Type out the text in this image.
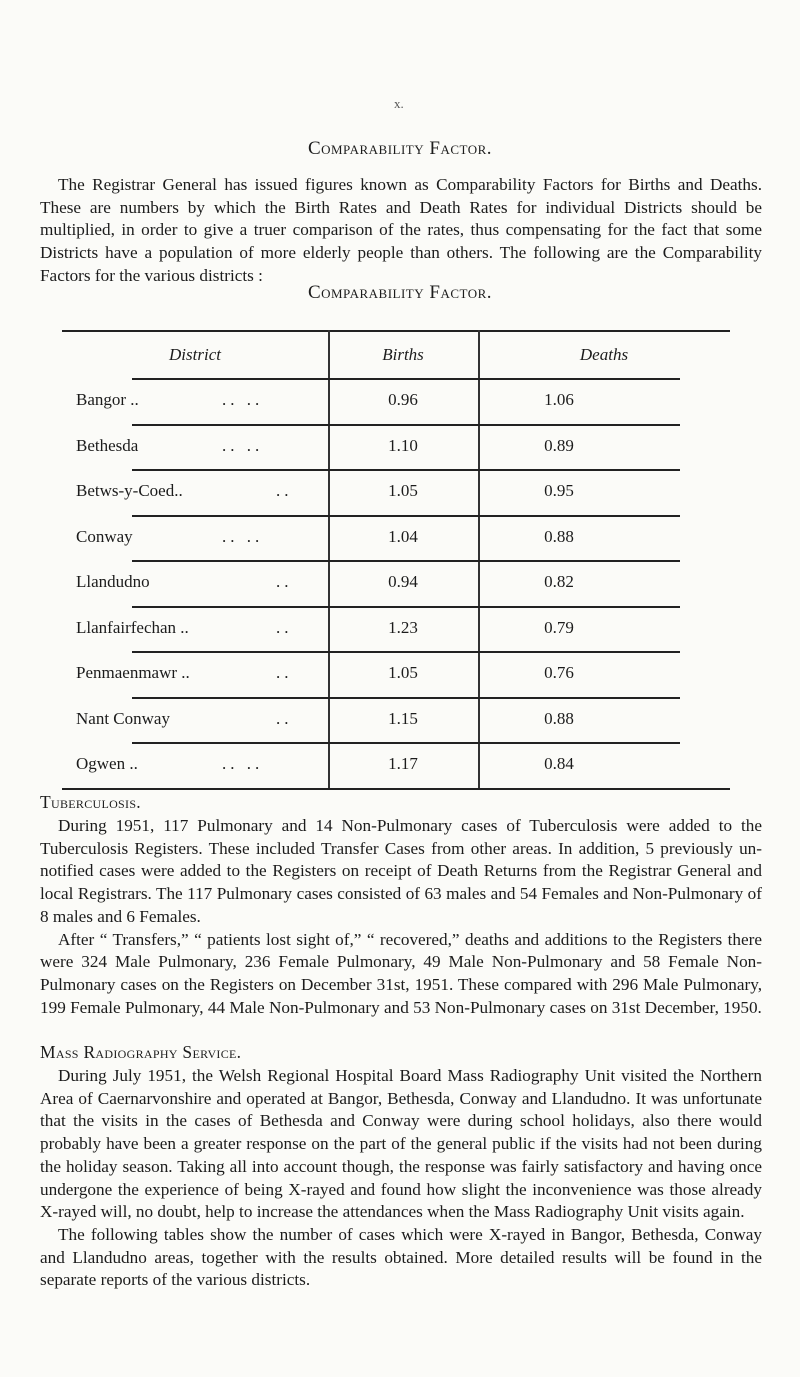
x.
Comparability Factor.

The Registrar General has issued figures known as Comparability Factors for Births and Deaths. These are numbers by which the Birth Rates and Death Rates for individual Districts should be multiplied, in order to give a truer comparison of the rates, thus compensating for the fact that some Districts have a population of more elderly people than others. The following are the Comparability Factors for the various districts :

Comparability Factor.
District	Births	Deaths
Bangor ..	.. ..	0.96	1.06
Bethesda	.. ..	1.10	0.89
Betws-y-Coed..	..	1.05	0.95
Conway	.. ..	1.04	0.88
Llandudno	..	0.94	0.82
Llanfairfechan ..	..	1.23	0.79
Penmaenmawr ..	..	1.05	0.76
Nant Conway	..	1.15	0.88
Ogwen ..	.. ..	1.17	0.84
Tuberculosis.

During 1951, 117 Pulmonary and 14 Non-Pulmonary cases of Tuberculosis were added to the Tuberculosis Registers. These included Transfer Cases from other areas. In addition, 5 previously un-notified cases were added to the Registers on receipt of Death Returns from the Registrar General and local Registrars. The 117 Pulmonary cases consisted of 63 males and 54 Females and Non-Pulmonary of 8 males and 6 Females.

After “ Transfers,” “ patients lost sight of,” “ recovered,” deaths and additions to the Registers there were 324 Male Pulmonary, 236 Female Pulmonary, 49 Male Non-Pulmonary and 58 Female Non-Pulmonary cases on the Registers on December 31st, 1951. These compared with 296 Male Pulmonary, 199 Female Pulmonary, 44 Male Non-Pulmonary and 53 Non-Pulmonary cases on 31st December, 1950.

Mass Radiography Service.

During July 1951, the Welsh Regional Hospital Board Mass Radiography Unit visited the Northern Area of Caernarvonshire and operated at Bangor, Bethesda, Conway and Llandudno. It was unfortunate that the visits in the cases of Bethesda and Conway were during school holidays, also there would probably have been a greater response on the part of the general public if the visits had not been during the holiday season. Taking all into account though, the response was fairly satisfactory and having once undergone the experience of being X-rayed and found how slight the inconvenience was those already X-rayed will, no doubt, help to increase the attendances when the Mass Radiography Unit visits again.

The following tables show the number of cases which were X-rayed in Bangor, Bethesda, Conway and Llandudno areas, together with the results obtained. More detailed results will be found in the separate reports of the various districts.
